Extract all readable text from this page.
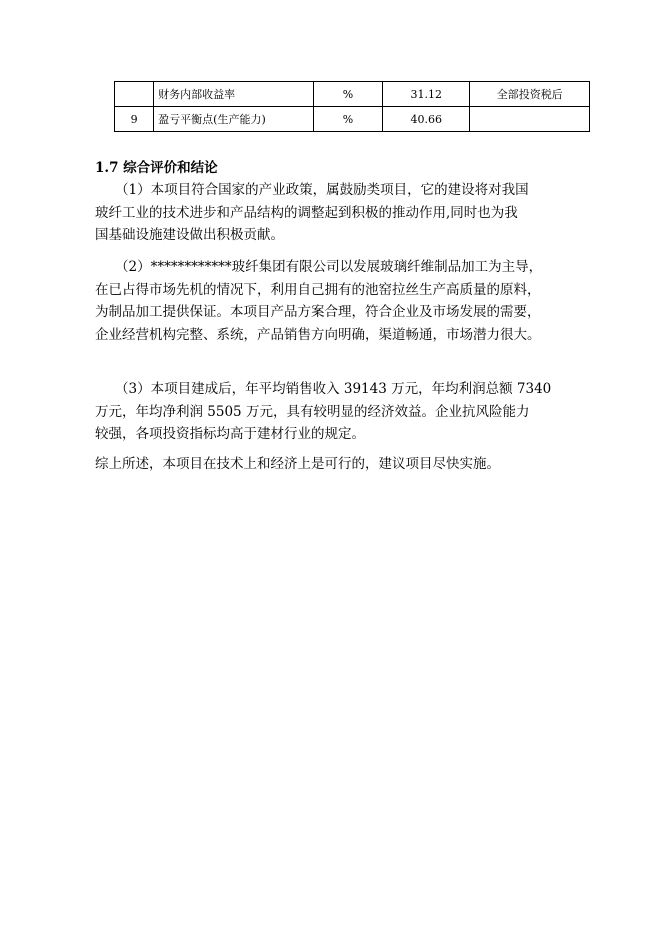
	财务内部收益率	%	31.12	全部投资税后
9	盈亏平衡点(生产能力)	%	40.66	
1.7 综合评价和结论
（1）本项目符合国家的产业政策，属鼓励类项目，它的建设将对我国
玻纤工业的技术进步和产品结构的调整起到积极的推动作用,同时也为我
国基础设施建设做出积极贡献。
（2）************玻纤集团有限公司以发展玻璃纤维制品加工为主导，
在已占得市场先机的情况下，利用自己拥有的池窑拉丝生产高质量的原料，
为制品加工提供保证。本项目产品方案合理，符合企业及市场发展的需要，
企业经营机构完整、系统，产品销售方向明确，渠道畅通，市场潜力很大。
（3）本项目建成后，年平均销售收入 39143 万元，年均利润总额 7340
万元，年均净利润 5505 万元，具有较明显的经济效益。企业抗风险能力
较强，各项投资指标均高于建材行业的规定。
综上所述，本项目在技术上和经济上是可行的，建议项目尽快实施。
